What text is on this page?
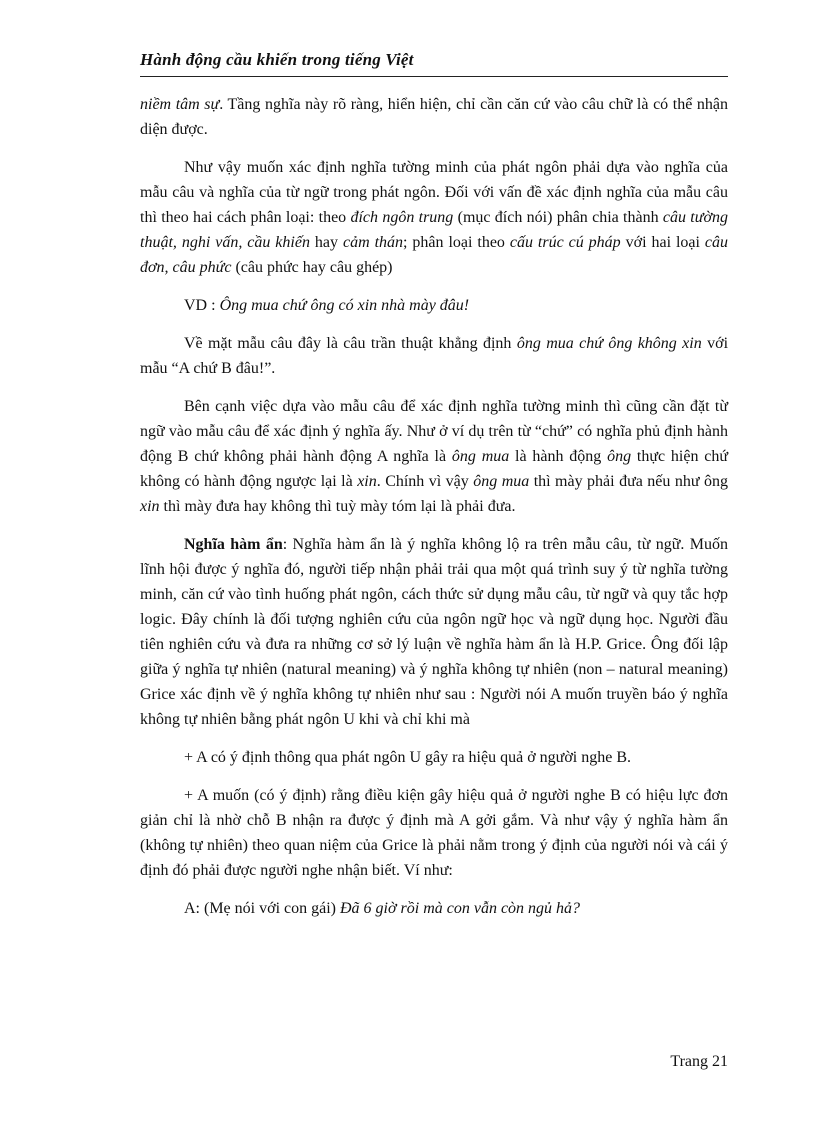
Hành động cầu khiến trong tiếng Việt

niềm tâm sự. Tầng nghĩa này rõ ràng, hiển hiện, chỉ cần căn cứ vào câu chữ là có thể nhận diện được.

Như vậy muốn xác định nghĩa tường minh của phát ngôn phải dựa vào nghĩa của mẫu câu và nghĩa của từ ngữ trong phát ngôn. Đối với vấn đề xác định nghĩa của mẫu câu thì theo hai cách phân loại: theo đích ngôn trung (mục đích nói) phân chia thành câu tường thuật, nghi vấn, cầu khiến hay cảm thán; phân loại theo cấu trúc cú pháp với hai loại câu đơn, câu phức (câu phức hay câu ghép)

VD : Ông mua chứ ông có xin nhà mày đâu!

Về mặt mẫu câu đây là câu trần thuật khẳng định ông mua chứ ông không xin với mẫu “A chứ B đâu!”.

Bên cạnh việc dựa vào mẫu câu để xác định nghĩa tường minh thì cũng cần đặt từ ngữ vào mẫu câu để xác định ý nghĩa ấy. Như ở ví dụ trên từ “chứ” có nghĩa phủ định hành động B chứ không phải hành động A nghĩa là ông mua là hành động ông thực hiện chứ không có hành động ngược lại là xin. Chính vì vậy ông mua thì mày phải đưa nếu như ông xin thì mày đưa hay không thì tuỳ mày tóm lại là phải đưa.

Nghĩa hàm ẩn: Nghĩa hàm ẩn là ý nghĩa không lộ ra trên mẫu câu, từ ngữ. Muốn lĩnh hội được ý nghĩa đó, người tiếp nhận phải trải qua một quá trình suy ý từ nghĩa tường minh, căn cứ vào tình huống phát ngôn, cách thức sử dụng mẫu câu, từ ngữ và quy tắc hợp logic. Đây chính là đối tượng nghiên cứu của ngôn ngữ học và ngữ dụng học. Người đầu tiên nghiên cứu và đưa ra những cơ sở lý luận về nghĩa hàm ẩn là H.P. Grice. Ông đối lập giữa ý nghĩa tự nhiên (natural meaning) và ý nghĩa không tự nhiên (non – natural meaning) Grice xác định về ý nghĩa không tự nhiên như sau : Người nói A muốn truyền báo ý nghĩa không tự nhiên bằng phát ngôn U khi và chỉ khi mà

+ A có ý định thông qua phát ngôn U gây ra hiệu quả ở người nghe B.

+ A muốn (có ý định) rằng điều kiện gây hiệu quả ở người nghe B có hiệu lực đơn giản chỉ là nhờ chỗ B nhận ra được ý định mà A gởi gắm. Và như vậy ý nghĩa hàm ẩn (không tự nhiên) theo quan niệm của Grice là phải nằm trong ý định của người nói và cái ý định đó phải được người nghe nhận biết. Ví như:

A: (Mẹ nói với con gái) Đã 6 giờ rồi mà con vẫn còn ngủ hả?

Trang 21
